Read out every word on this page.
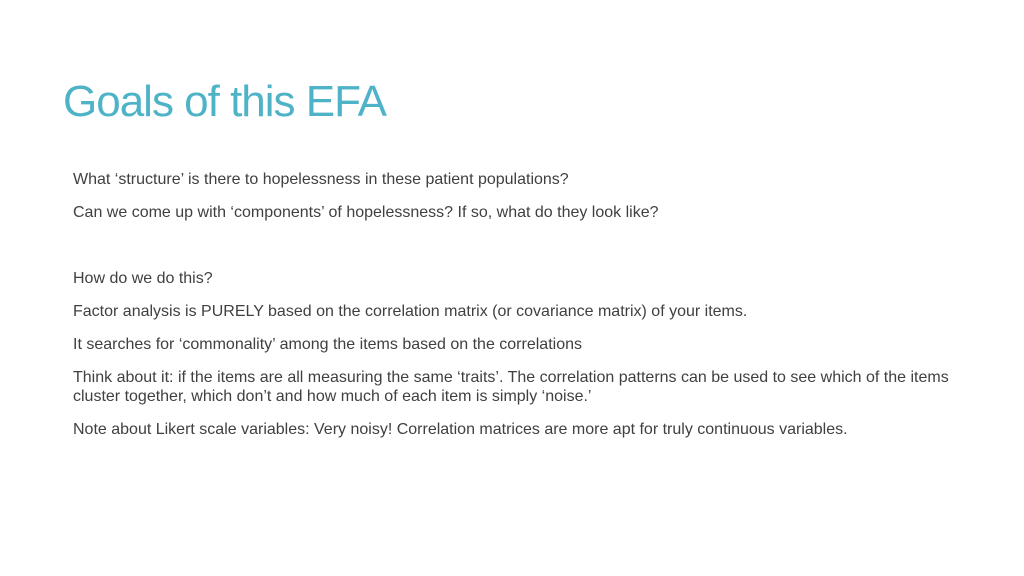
Goals of this EFA

What ‘structure’ is there to hopelessness in these patient populations?

Can we come up with ‘components’ of hopelessness? If so, what do they look like?

How do we do this?

Factor analysis is PURELY based on the correlation matrix (or covariance matrix) of your items.

It searches for ‘commonality’ among the items based on the correlations

Think about it: if the items are all measuring the same ‘traits’. The correlation patterns can be used to see which of the items cluster together, which don’t and how much of each item is simply ‘noise.’

Note about Likert scale variables: Very noisy! Correlation matrices are more apt for truly continuous variables.
